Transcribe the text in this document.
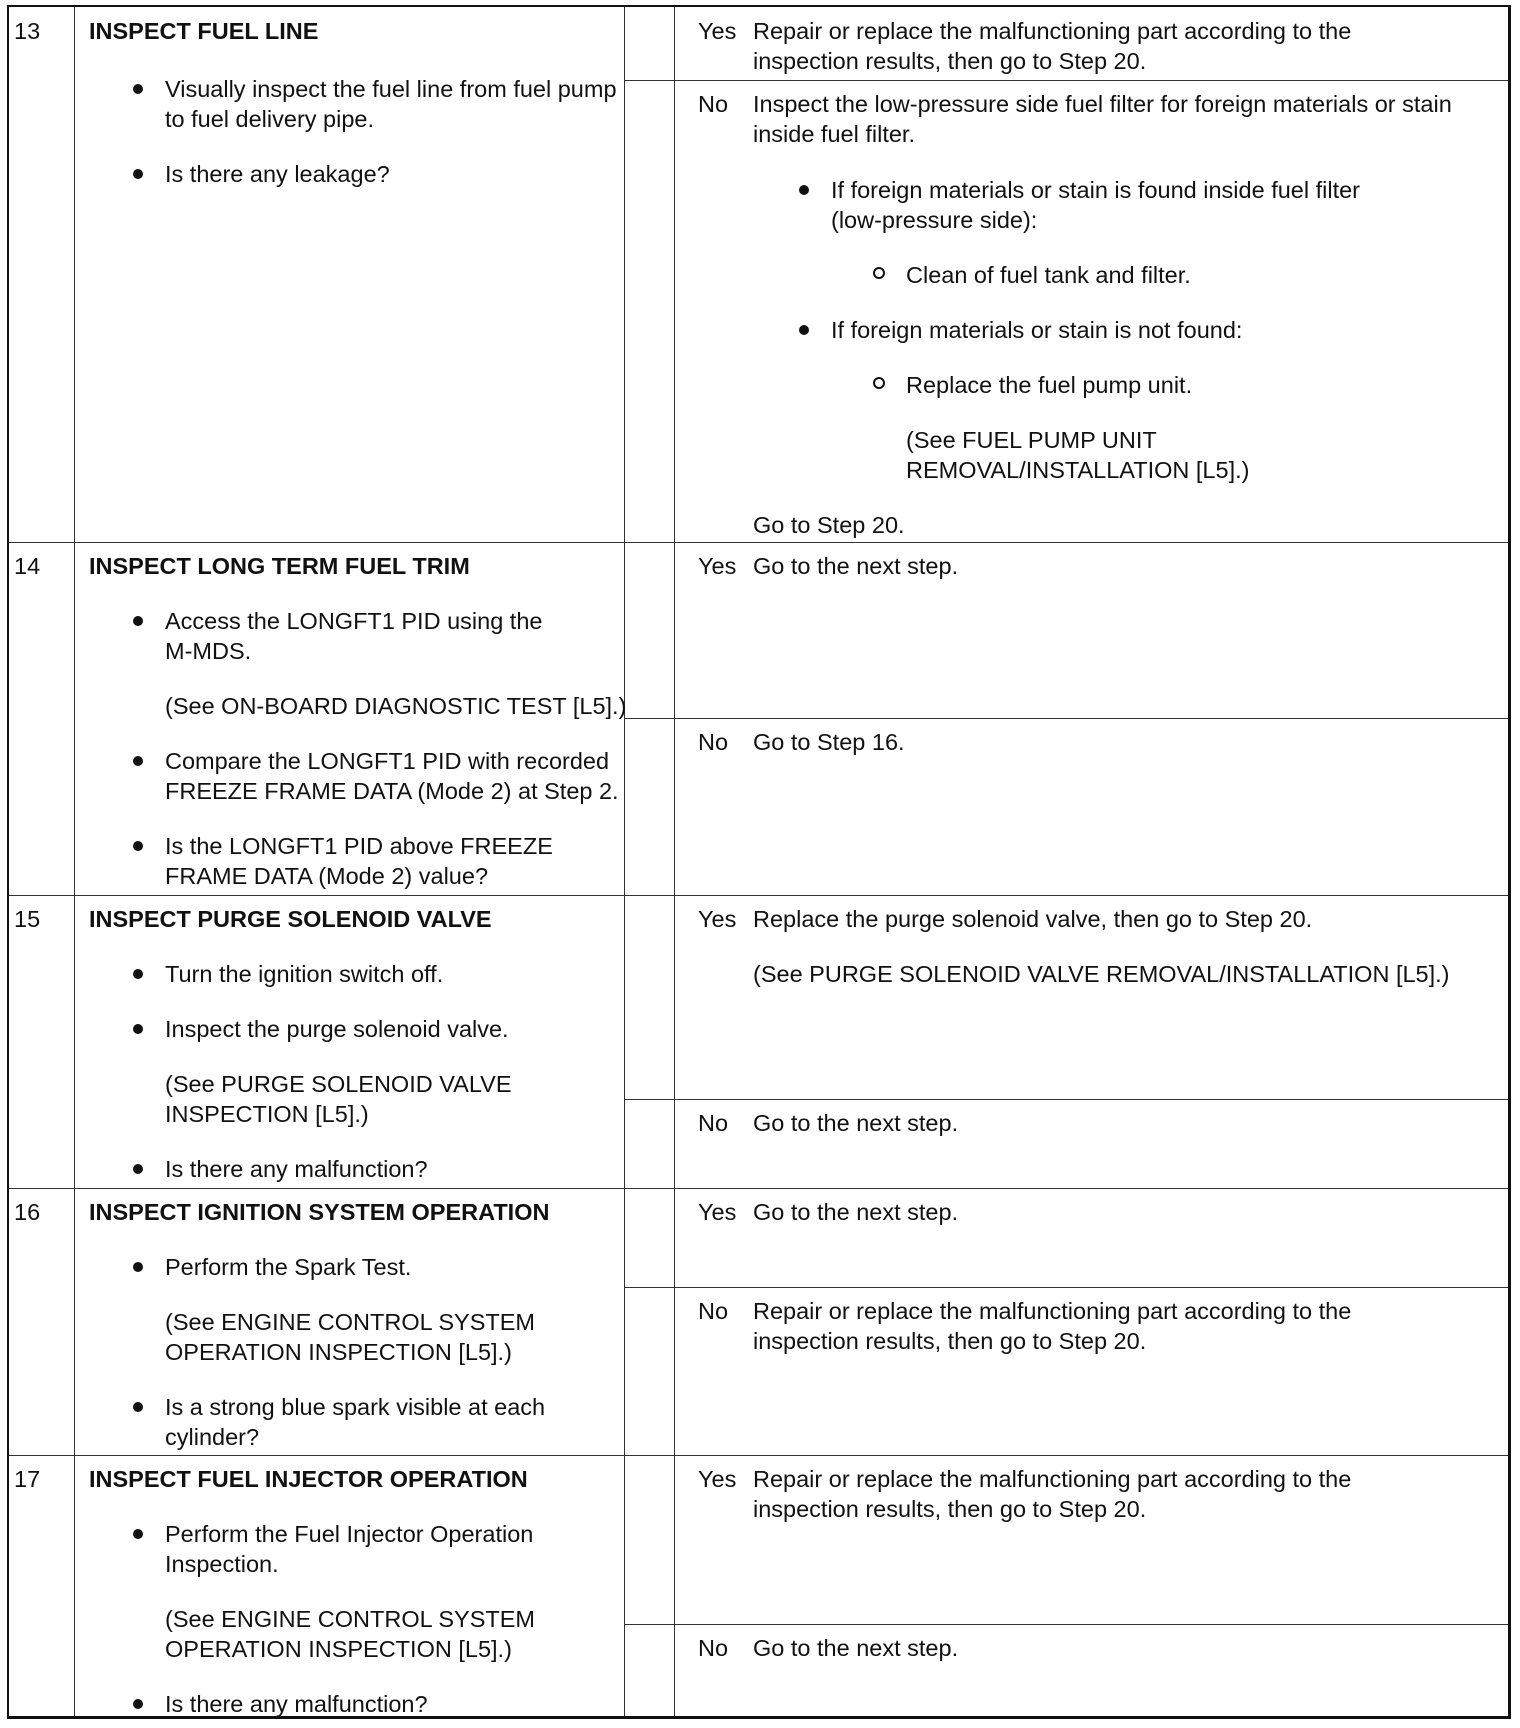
13 INSPECT FUEL LINE
Visually inspect the fuel line from fuel pump
to fuel delivery pipe.
Is there any leakage?
Yes Repair or replace the malfunctioning part according to the
inspection results, then go to Step 20.
No Inspect the low-pressure side fuel filter for foreign materials or stain
inside fuel filter.
If foreign materials or stain is found inside fuel filter
(low-pressure side):
Clean of fuel tank and filter.
If foreign materials or stain is not found:
Replace the fuel pump unit.
(See FUEL PUMP UNIT
REMOVAL/INSTALLATION [L5].)
Go to Step 20.
14 INSPECT LONG TERM FUEL TRIM
Access the LONGFT1 PID using the
M-MDS.
(See ON-BOARD DIAGNOSTIC TEST [L5].)
Compare the LONGFT1 PID with recorded
FREEZE FRAME DATA (Mode 2) at Step 2.
Is the LONGFT1 PID above FREEZE
FRAME DATA (Mode 2) value?
Yes Go to the next step.
No Go to Step 16.
15 INSPECT PURGE SOLENOID VALVE
Turn the ignition switch off.
Inspect the purge solenoid valve.
(See PURGE SOLENOID VALVE
INSPECTION [L5].)
Is there any malfunction?
Yes Replace the purge solenoid valve, then go to Step 20.
(See PURGE SOLENOID VALVE REMOVAL/INSTALLATION [L5].)
No Go to the next step.
16 INSPECT IGNITION SYSTEM OPERATION
Perform the Spark Test.
(See ENGINE CONTROL SYSTEM
OPERATION INSPECTION [L5].)
Is a strong blue spark visible at each
cylinder?
Yes Go to the next step.
No Repair or replace the malfunctioning part according to the
inspection results, then go to Step 20.
17 INSPECT FUEL INJECTOR OPERATION
Perform the Fuel Injector Operation
Inspection.
(See ENGINE CONTROL SYSTEM
OPERATION INSPECTION [L5].)
Is there any malfunction?
Yes Repair or replace the malfunctioning part according to the
inspection results, then go to Step 20.
No Go to the next step.
